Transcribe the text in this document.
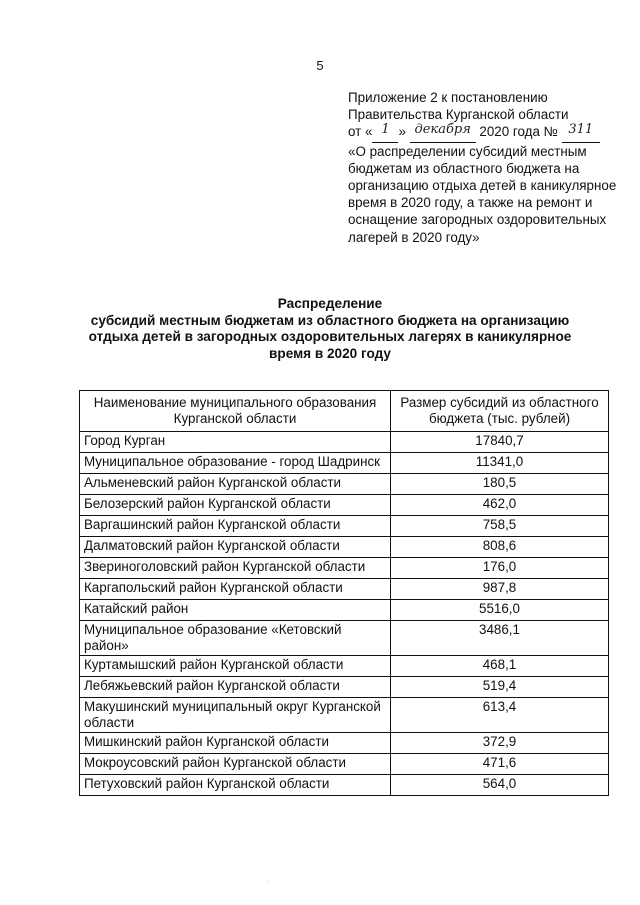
5
Приложение 2 к постановлению
Правительства Курганской области
от « 1 » декабря 2020 года № 311
«О распределении субсидий местным бюджетам из областного бюджета на организацию отдыха детей в каникулярное время в 2020 году, а также на ремонт и оснащение загородных оздоровительных лагерей в 2020 году»
Распределение
субсидий местным бюджетам из областного бюджета на организацию
отдыха детей в загородных оздоровительных лагерях в каникулярное
время в 2020 году
Наименование муниципального образования Курганской области	Размер субсидий из областного бюджета (тыс. рублей)
Город Курган	17840,7
Муниципальное образование - город Шадринск	11341,0
Альменевский район Курганской области	180,5
Белозерский район Курганской области	462,0
Варгашинский район Курганской области	758,5
Далматовский район Курганской области	808,6
Звериноголовский район Курганской области	176,0
Каргапольский район Курганской области	987,8
Катайский район	5516,0
Муниципальное образование «Кетовский район»	3486,1
Куртамышский район Курганской области	468,1
Лебяжьевский район Курганской области	519,4
Макушинский муниципальный округ Курганской области	613,4
Мишкинский район Курганской области	372,9
Мокроусовский район Курганской области	471,6
Петуховский район Курганской области	564,0
.
